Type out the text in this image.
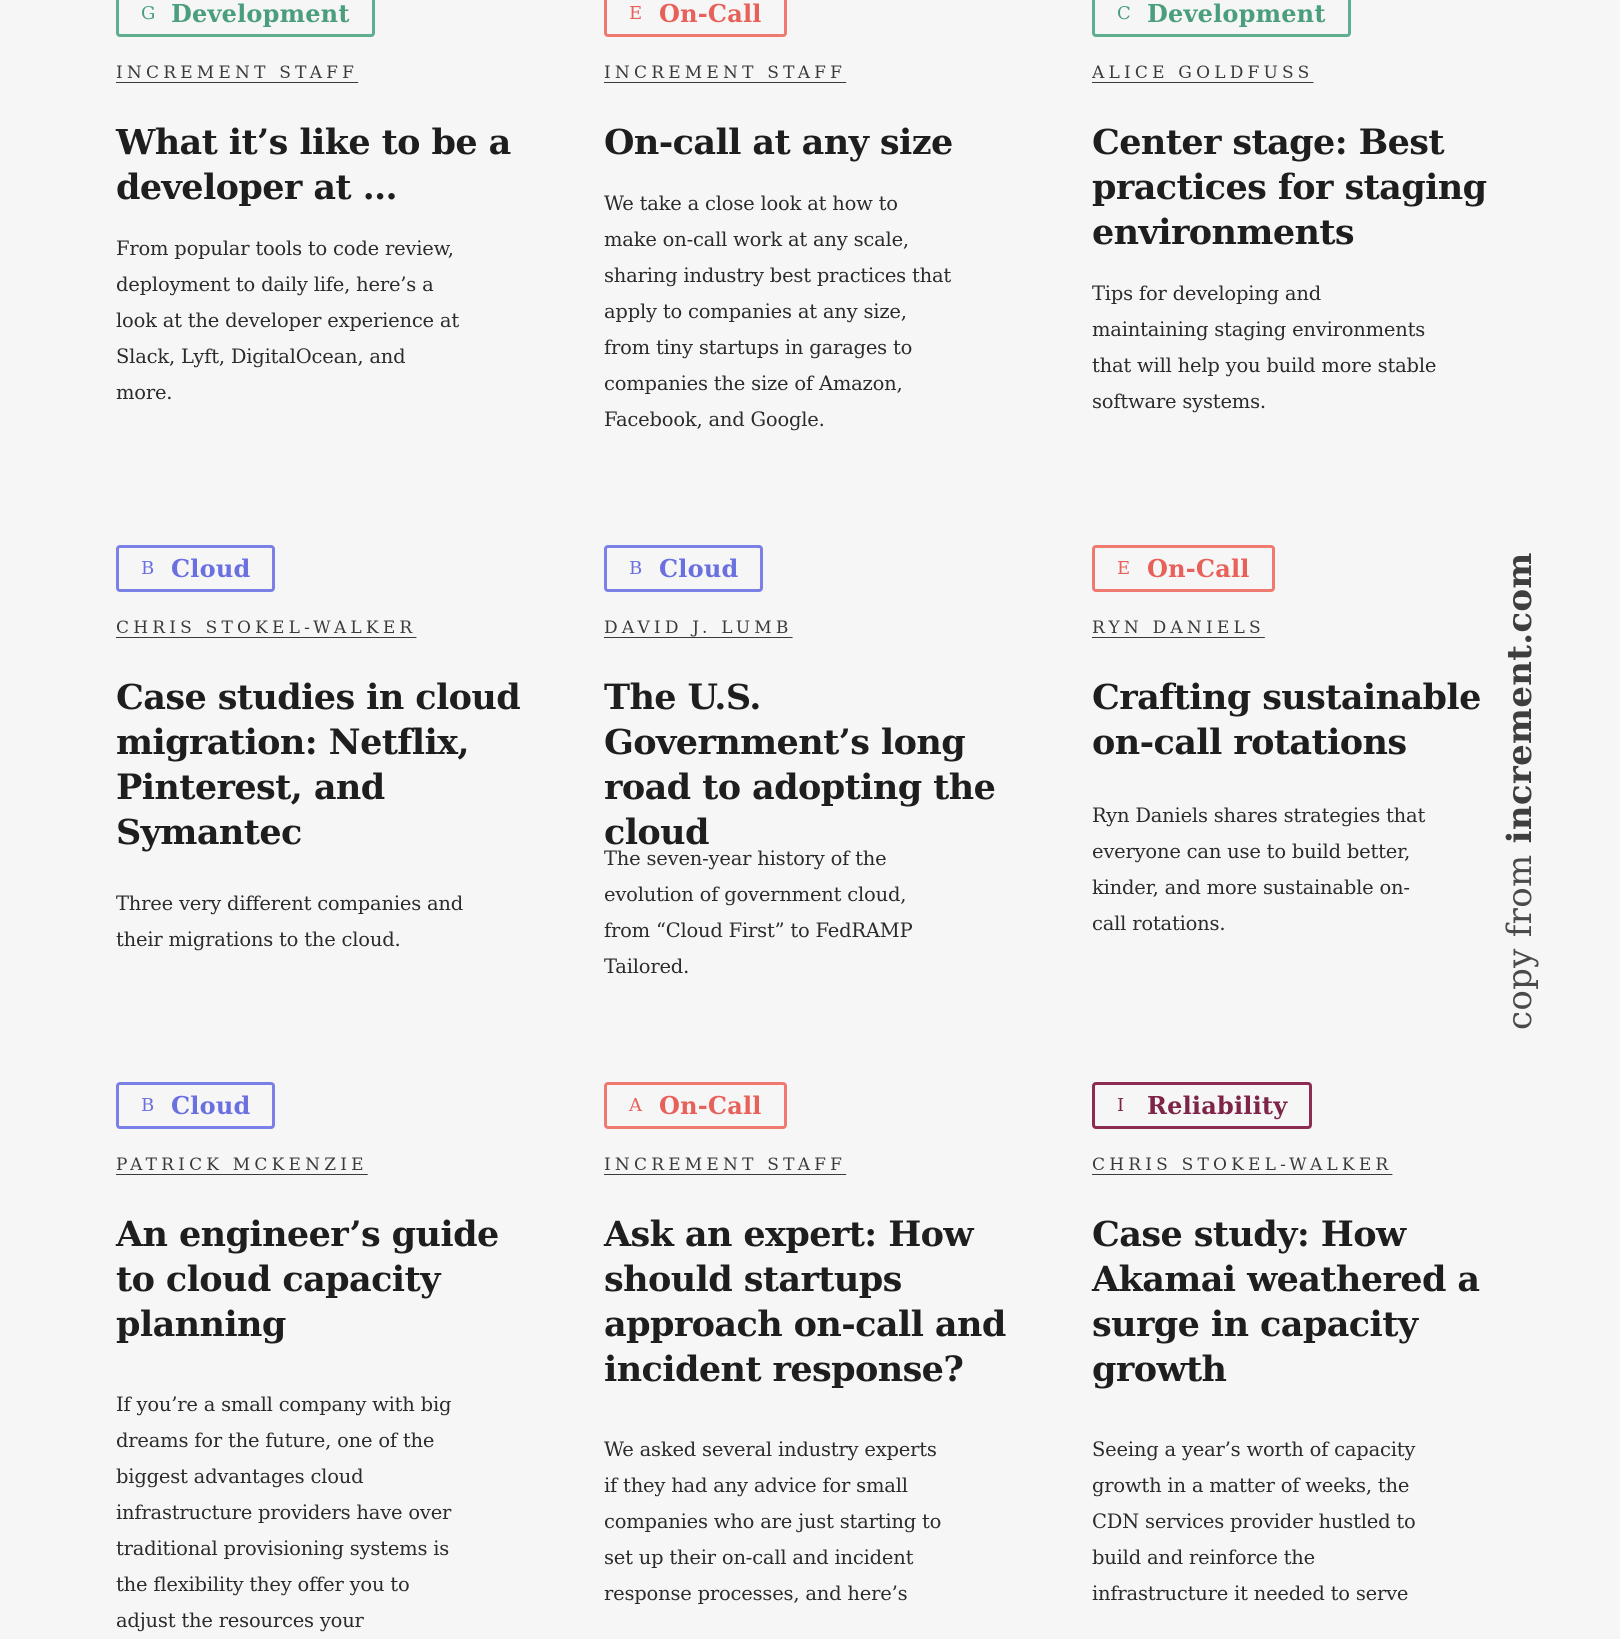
G Development
INCREMENT STAFF
What it’s like to be a developer at …

From popular tools to code review, deployment to daily life, here’s a look at the developer experience at Slack, Lyft, DigitalOcean, and more.

E On-Call
INCREMENT STAFF
On-call at any size

We take a close look at how to make on-call work at any scale, sharing industry best practices that apply to companies at any size, from tiny startups in garages to companies the size of Amazon, Facebook, and Google.

C Development
ALICE GOLDFUSS
Center stage: Best practices for staging environments

Tips for developing and maintaining staging environments that will help you build more stable software systems.

B Cloud
CHRIS STOKEL-WALKER
Case studies in cloud migration: Netflix, Pinterest, and Symantec

Three very different companies and their migrations to the cloud.

B Cloud
DAVID J. LUMB
The U.S. Government’s long road to adopting the cloud

The seven-year history of the evolution of government cloud, from “Cloud First” to FedRAMP Tailored.

E On-Call
RYN DANIELS
Crafting sustainable on-call rotations

Ryn Daniels shares strategies that everyone can use to build better, kinder, and more sustainable on-call rotations.

B Cloud
PATRICK MCKENZIE
An engineer’s guide to cloud capacity planning

If you’re a small company with big dreams for the future, one of the biggest advantages cloud infrastructure providers have over traditional provisioning systems is the flexibility they offer you to adjust the resources your

A On-Call
INCREMENT STAFF
Ask an expert: How should startups approach on-call and incident response?

We asked several industry experts if they had any advice for small companies who are just starting to set up their on-call and incident response processes, and here’s

I Reliability
CHRIS STOKEL-WALKER
Case study: How Akamai weathered a surge in capacity growth

Seeing a year’s worth of capacity growth in a matter of weeks, the CDN services provider hustled to build and reinforce the infrastructure it needed to serve

copy from increment.com
